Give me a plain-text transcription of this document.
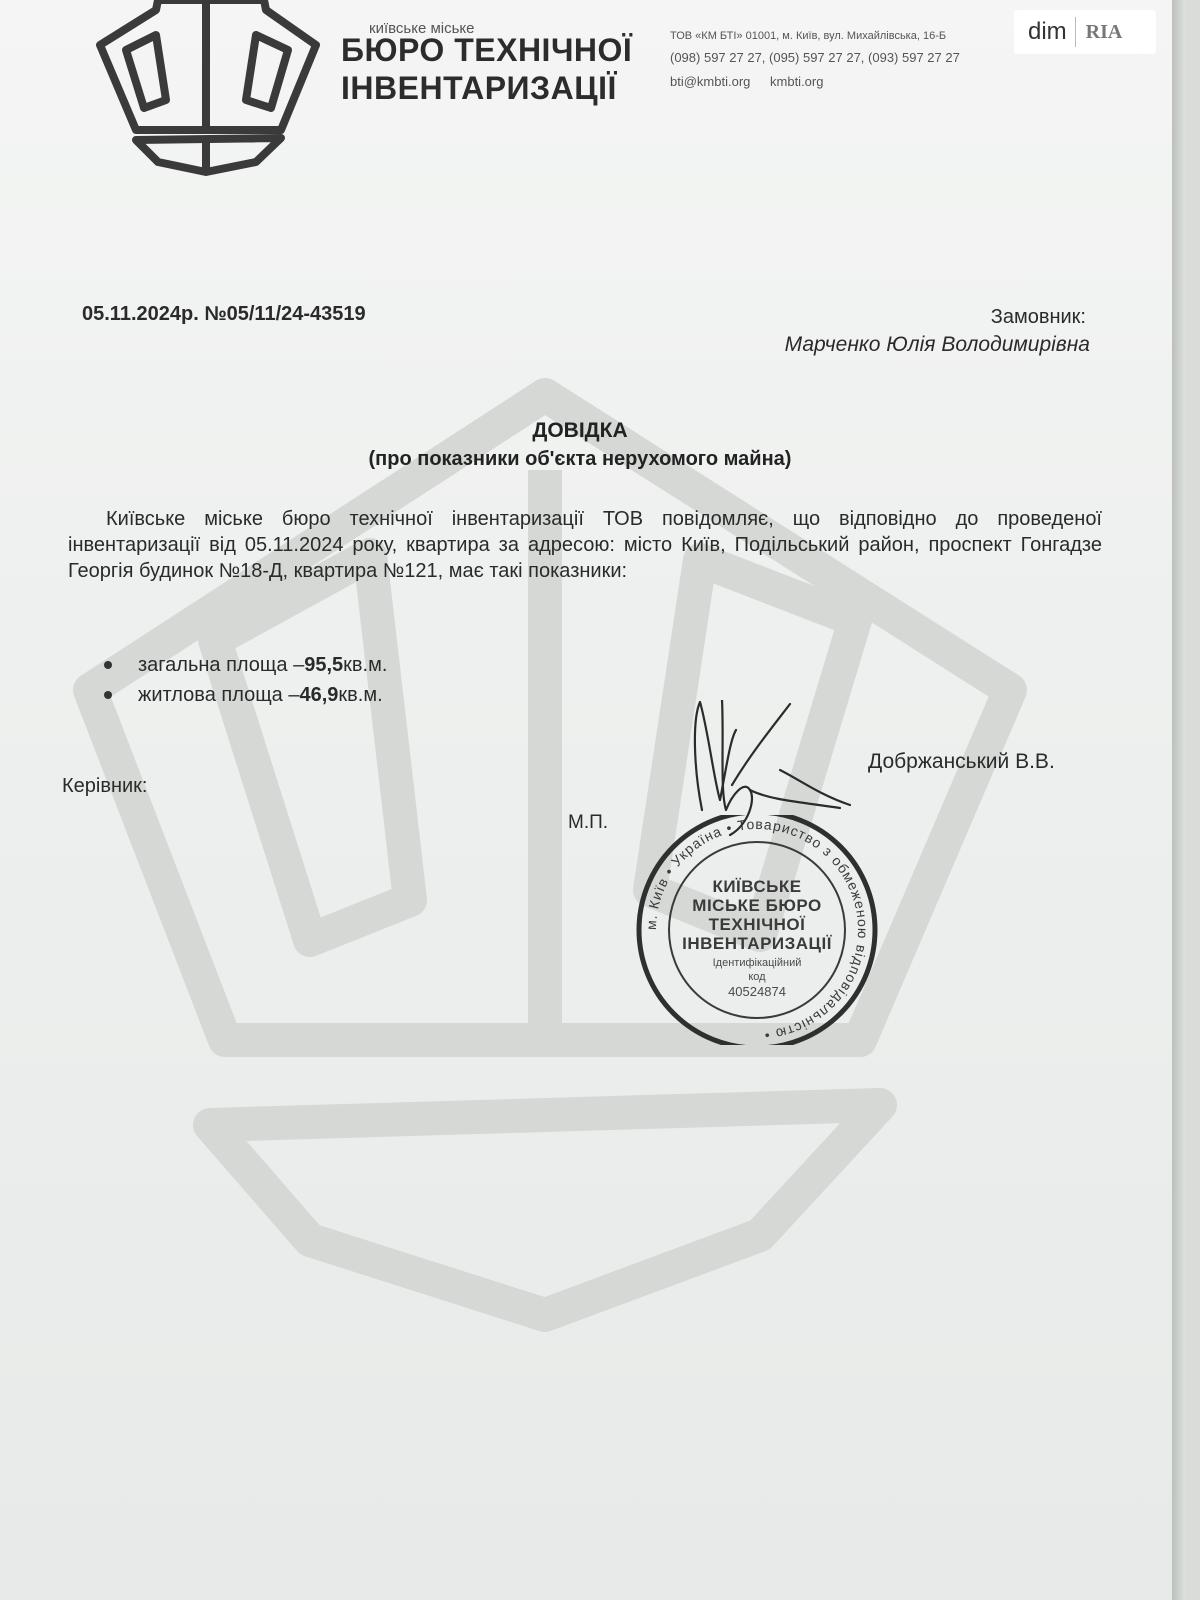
київське міське
БЮРО ТЕХНІЧНОЇ
ІНВЕНТАРИЗАЦІЇ
ТОВ «КМ БТІ» 01001, м. Київ, вул. Михайлівська, 16-Б
(098) 597 27 27, (095) 597 27 27, (093) 597 27 27
bti@kmbti.org kmbti.org
dim RIA
05.11.2024р. №05/11/24-43519	Замовник:
Марченко Юлія Володимирівна
ДОВІДКА
(про показники об'єкта нерухомого майна)
Київське міське бюро технічної інвентаризації ТОВ повідомляє, що відповідно до проведеної інвентаризації від 05.11.2024 року, квартира за адресою: місто Київ, Подільський район, проспект Гонгадзе Георгія будинок №18-Д, квартира №121, має такі показники:
загальна площа – 95,5 кв.м.
житлова площа – 46,9 кв.м.
Керівник:
Добржанський В.В.
М.П.
м. Київ • Україна • Товариство з обмеженою відповідальністю •
КИЇВСЬКЕ
МІСЬКЕ БЮРО
ТЕХНІЧНОЇ
ІНВЕНТАРИЗАЦІЇ
Ідентифікаційний
код
40524874
